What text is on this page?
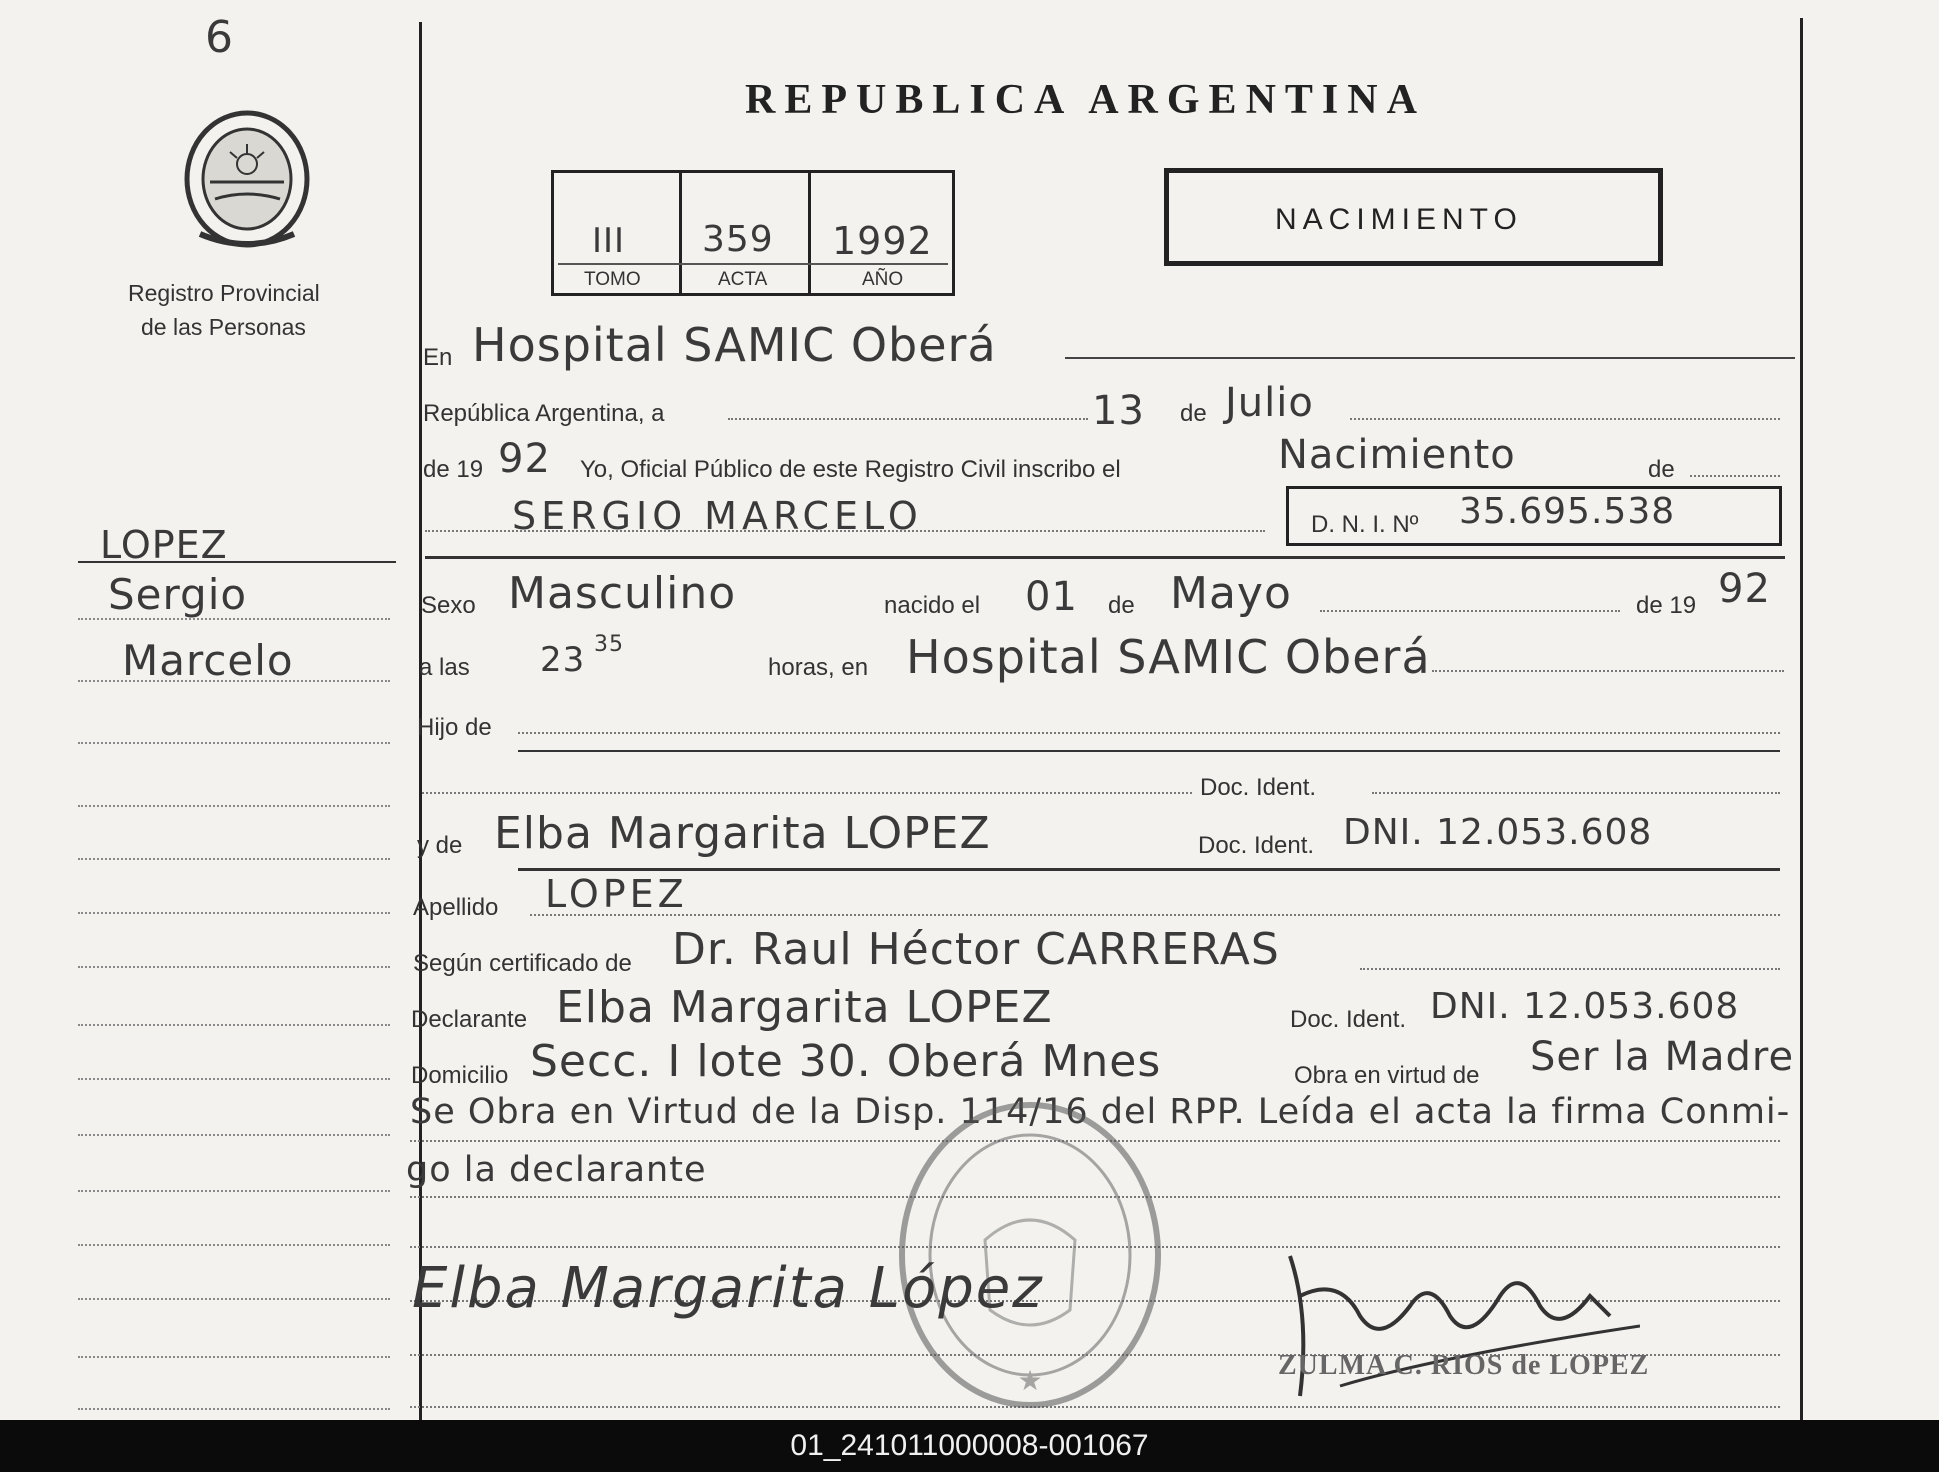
6
Registro Provincial
de las Personas
LOPEZ
Sergio
Marcelo
REPUBLICA ARGENTINA
III 359 1992
TOMO	ACTA	AÑO
NACIMIENTO
En Hospital SAMIC Oberá
República Argentina, a	13 de Julio
de 19 92 Yo, Oficial Público de este Registro Civil inscribo el	Nacimiento	de
SERGIO MARCELO	D. N. I. Nº 35.695.538
Sexo Masculino	nacido el 01 de Mayo	de 19 92
a las 23 35
horas, en Hospital SAMIC Oberá
Hijo de
Doc. Ident.
y de Elba Margarita LOPEZ	Doc. Ident. DNI. 12.053.608
Apellido LOPEZ
Según certificado de Dr. Raul Héctor CARRERAS
Declarante Elba Margarita LOPEZ	Doc. Ident. DNI. 12.053.608
Domicilio Secc. I lote 30. Oberá Mnes	Obra en virtud de Ser la Madre
Se Obra en Virtud de la Disp. 114/16 del RPP. Leída el acta la firma Conmi-
go la declarante
★
Elba Margarita López
ZULMA C. RIOS de LOPEZ
01_241011000008-001067
